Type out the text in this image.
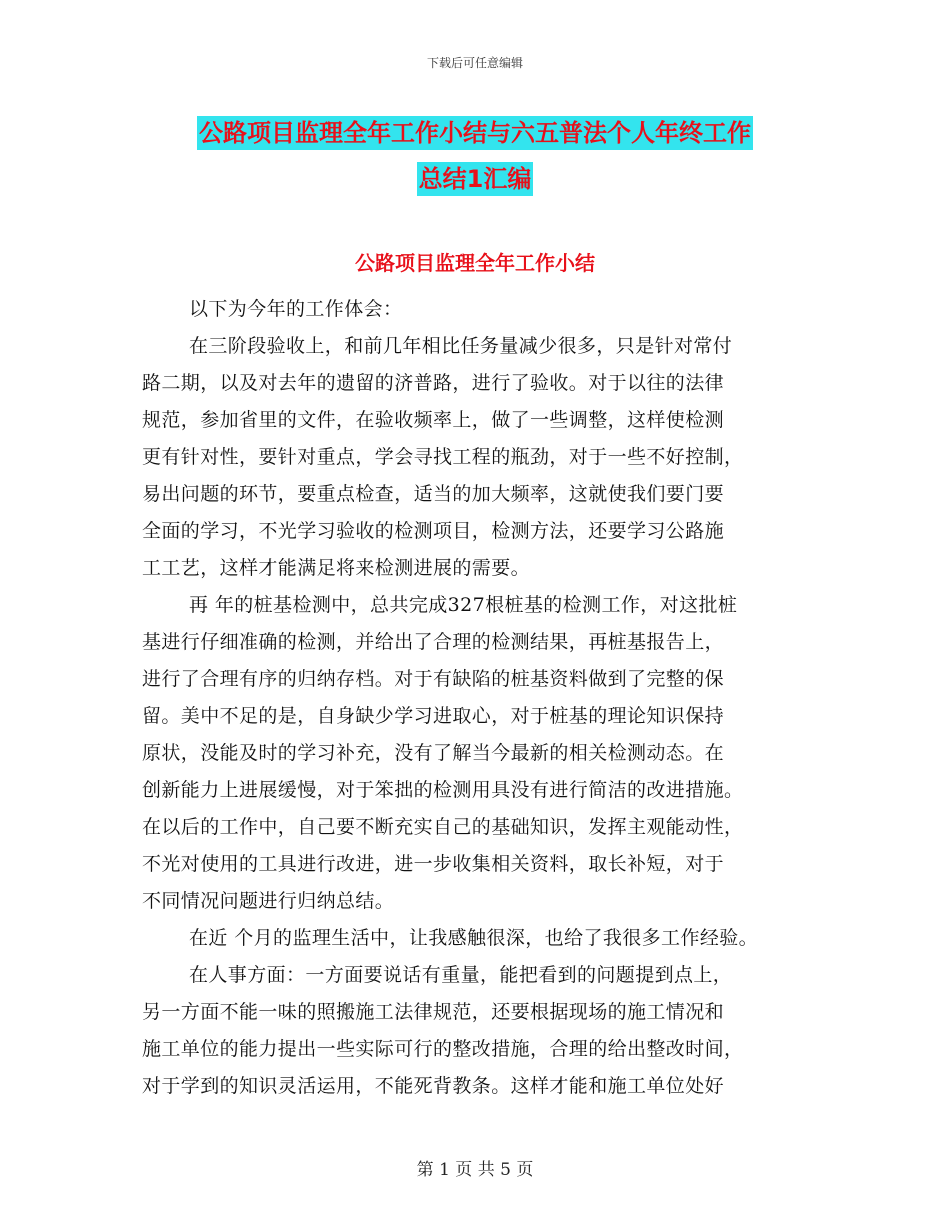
下载后可任意编辑
公路项目监理全年工作小结与六五普法个人年终工作
总结1汇编
公路项目监理全年工作小结

以下为今年的工作体会：

在三阶段验收上，和前几年相比任务量减少很多，只是针对常付

路二期，以及对去年的遗留的济普路，进行了验收。对于以往的法律

规范，参加省里的文件，在验收频率上，做了一些调整，这样使检测

更有针对性，要针对重点，学会寻找工程的瓶劲，对于一些不好控制，

易出问题的环节，要重点检查，适当的加大频率，这就使我们要门要

全面的学习，不光学习验收的检测项目，检测方法，还要学习公路施

工工艺，这样才能满足将来检测进展的需要。

再 年的桩基检测中，总共完成327根桩基的检测工作，对这批桩

基进行仔细准确的检测，并给出了合理的检测结果，再桩基报告上，

进行了合理有序的归纳存档。对于有缺陷的桩基资料做到了完整的保

留。美中不足的是，自身缺少学习进取心，对于桩基的理论知识保持

原状，没能及时的学习补充，没有了解当今最新的相关检测动态。在

创新能力上进展缓慢，对于笨拙的检测用具没有进行简洁的改进措施。

在以后的工作中，自己要不断充实自己的基础知识，发挥主观能动性，

不光对使用的工具进行改进，进一步收集相关资料，取长补短，对于

不同情况问题进行归纳总结。

在近 个月的监理生活中，让我感触很深，也给了我很多工作经验。

在人事方面：一方面要说话有重量，能把看到的问题提到点上，

另一方面不能一味的照搬施工法律规范，还要根据现场的施工情况和

施工单位的能力提出一些实际可行的整改措施，合理的给出整改时间，

对于学到的知识灵活运用，不能死背教条。这样才能和施工单位处好

第 1 页 共 5 页
